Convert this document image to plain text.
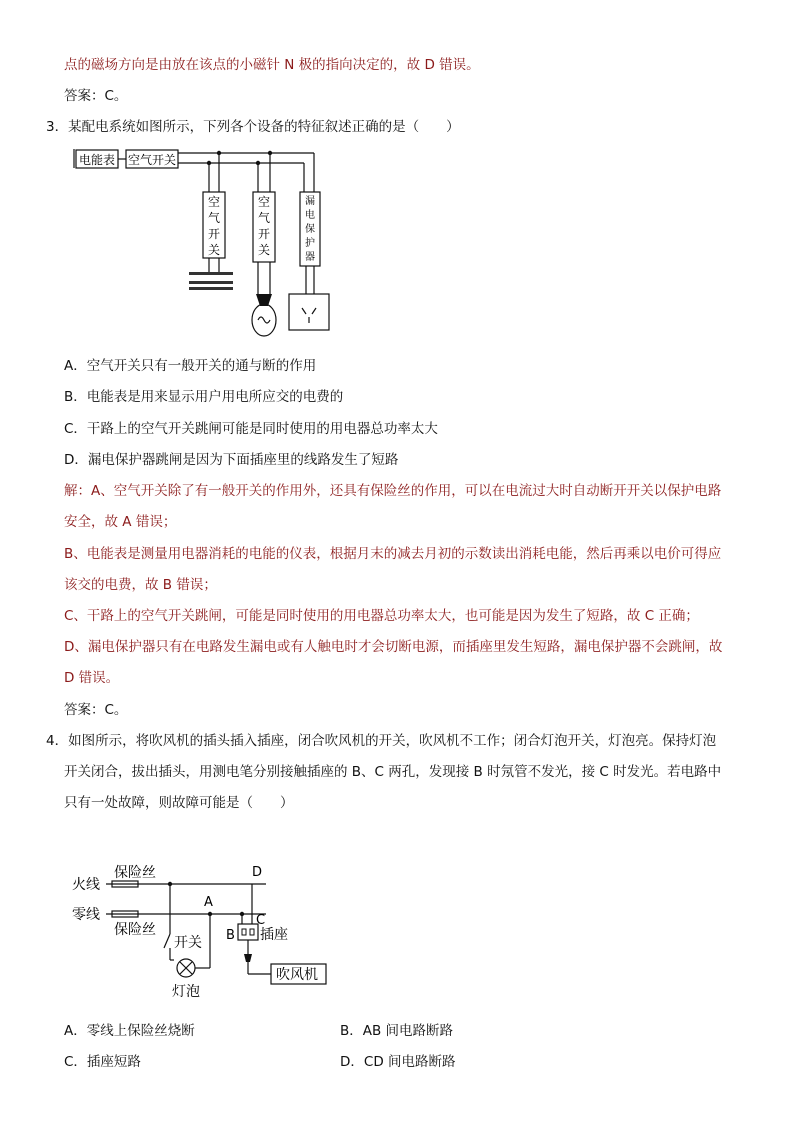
点的磁场方向是由放在该点的小磁针 N 极的指向决定的，故 D 错误。
答案：C。
3．某配电系统如图所示，下列各个设备的特征叙述正确的是（　　）
电能表 空气开关
空
气
开
关
空
气
开
关
漏
电
保
护
器
A．空气开关只有一般开关的通与断的作用
B．电能表是用来显示用户用电所应交的电费的
C．干路上的空气开关跳闸可能是同时使用的用电器总功率太大
D．漏电保护器跳闸是因为下面插座里的线路发生了短路
解：A、空气开关除了有一般开关的作用外，还具有保险丝的作用，可以在电流过大时自动断开开关以保护电路
安全，故 A 错误；
B、电能表是测量用电器消耗的电能的仪表，根据月末的减去月初的示数读出消耗电能，然后再乘以电价可得应
该交的电费，故 B 错误；
C、干路上的空气开关跳闸，可能是同时使用的用电器总功率太大，也可能是因为发生了短路，故 C 正确；
D、漏电保护器只有在电路发生漏电或有人触电时才会切断电源，而插座里发生短路，漏电保护器不会跳闸，故
D 错误。
答案：C。
4．如图所示，将吹风机的插头插入插座，闭合吹风机的开关，吹风机不工作；闭合灯泡开关，灯泡亮。保持灯泡
开关闭合，拔出插头，用测电笔分别接触插座的 B、C 两孔，发现接 B 时氖管不发光，接 C 时发光。若电路中
只有一处故障，则故障可能是（　　）
火线
零线
保险丝
保险丝
开关
灯泡
插座
吹风机
D
A
C
B
A．零线上保险丝烧断	B．AB 间电路断路
C．插座短路	D．CD 间电路断路
